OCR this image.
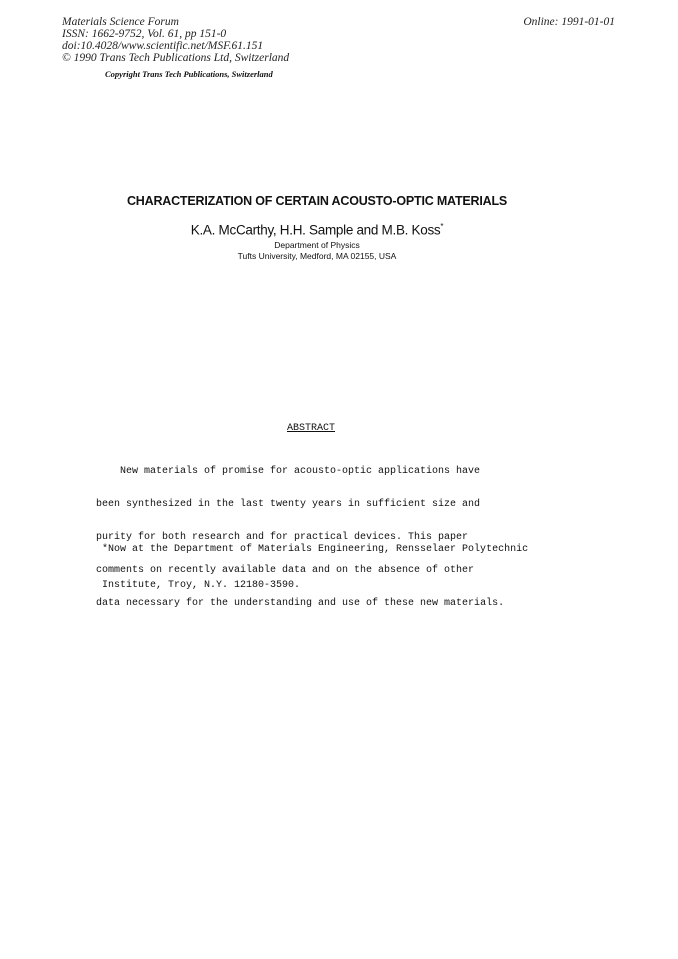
Materials Science Forum
ISSN: 1662-9752, Vol. 61, pp 151-0
doi:10.4028/www.scientific.net/MSF.61.151
© 1990 Trans Tech Publications Ltd, Switzerland
Online: 1991-01-01
Copyright Trans Tech Publications, Switzerland
CHARACTERIZATION OF CERTAIN ACOUSTO-OPTIC MATERIALS
K.A. McCarthy, H.H. Sample and M.B. Koss*
Department of Physics
Tufts University, Medford, MA 02155, USA
ABSTRACT

New materials of promise for acousto-optic applications have

been synthesized in the last twenty years in sufficient size and

purity for both research and for practical devices. This paper

comments on recently available data and on the absence of other

data necessary for the understanding and use of these new materials.

*Now at the Department of Materials Engineering, Rensselaer Polytechnic

Institute, Troy, N.Y. 12180-3590.
